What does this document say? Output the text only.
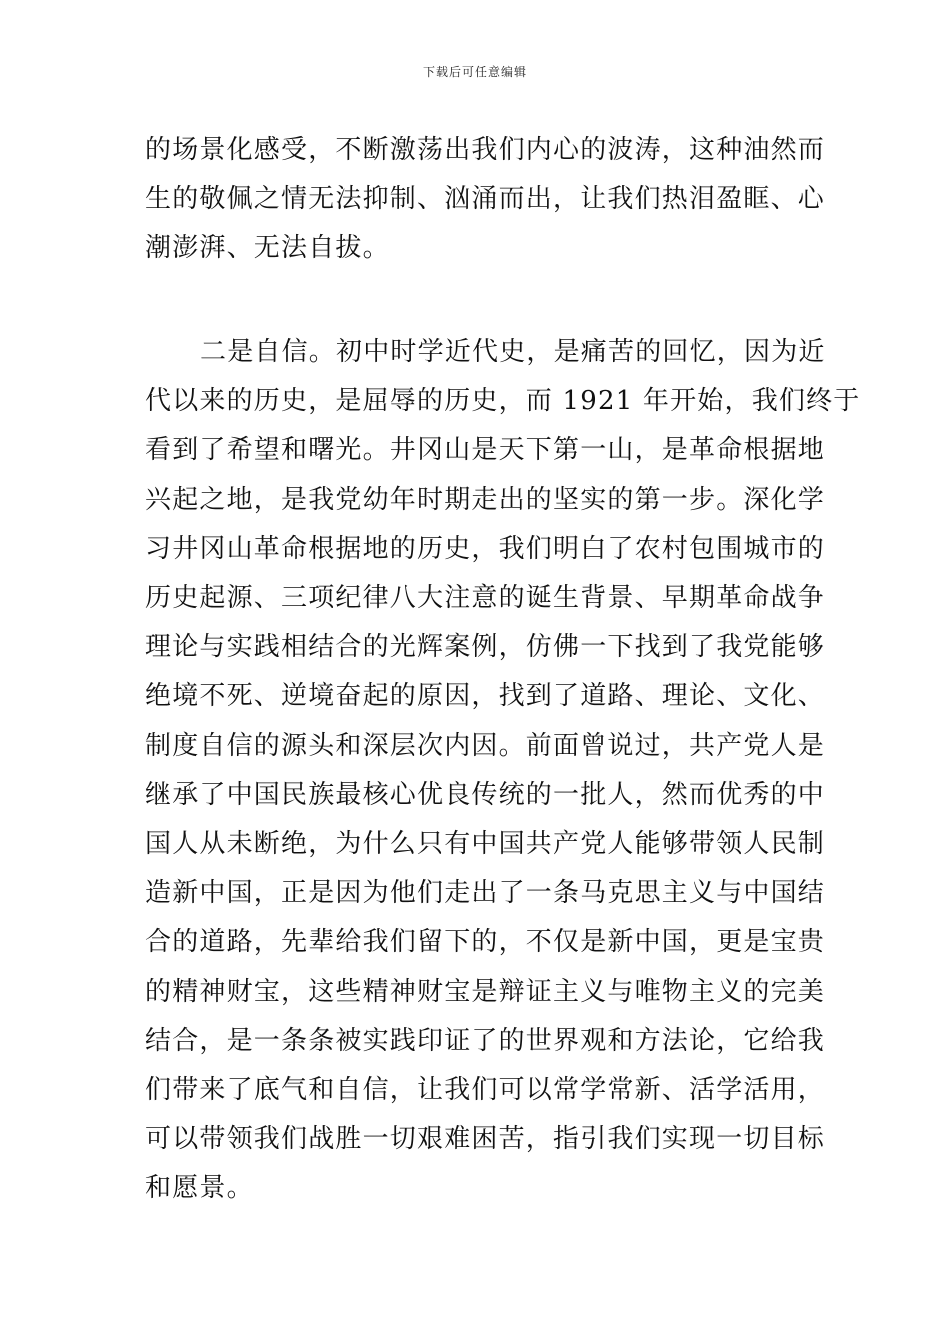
下载后可任意编辑
的场景化感受，不断激荡出我们内心的波涛，这种油然而
生的敬佩之情无法抑制、汹涌而出，让我们热泪盈眶、心
潮澎湃、无法自拔。
二是自信。初中时学近代史，是痛苦的回忆，因为近
代以来的历史，是屈辱的历史，而 1921 年开始，我们终于
看到了希望和曙光。井冈山是天下第一山，是革命根据地
兴起之地，是我党幼年时期走出的坚实的第一步。深化学
习井冈山革命根据地的历史，我们明白了农村包围城市的
历史起源、三项纪律八大注意的诞生背景、早期革命战争
理论与实践相结合的光辉案例，仿佛一下找到了我党能够
绝境不死、逆境奋起的原因，找到了道路、理论、文化、
制度自信的源头和深层次内因。前面曾说过，共产党人是
继承了中国民族最核心优良传统的一批人，然而优秀的中
国人从未断绝，为什么只有中国共产党人能够带领人民制
造新中国，正是因为他们走出了一条马克思主义与中国结
合的道路，先辈给我们留下的，不仅是新中国，更是宝贵
的精神财宝，这些精神财宝是辩证主义与唯物主义的完美
结合，是一条条被实践印证了的世界观和方法论，它给我
们带来了底气和自信，让我们可以常学常新、活学活用，
可以带领我们战胜一切艰难困苦，指引我们实现一切目标
和愿景。
